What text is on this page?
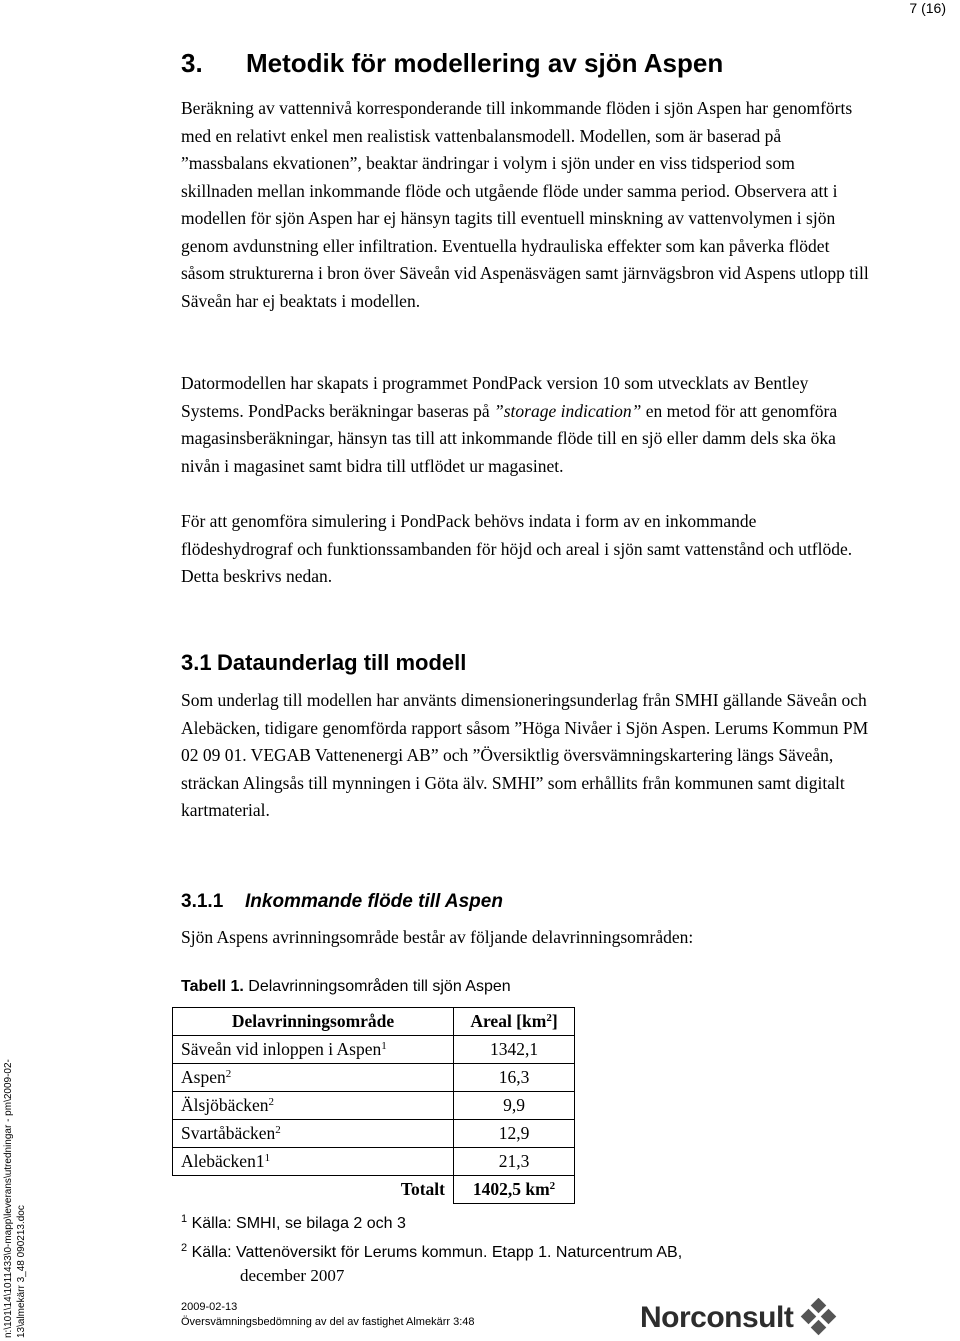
7 (16)
3. Metodik för modellering av sjön Aspen

Beräkning av vattennivå korresponderande till inkommande flöden i sjön Aspen har genomförts med en relativt enkel men realistisk vattenbalansmodell. Modellen, som är baserad på ”massbalans ekvationen”, beaktar ändringar i volym i sjön under en viss tidsperiod som skillnaden mellan inkommande flöde och utgående flöde under samma period. Observera att i modellen för sjön Aspen har ej hänsyn tagits till eventuell minskning av vattenvolymen i sjön genom avdunstning eller infiltration. Eventuella hydrauliska effekter som kan påverka flödet såsom strukturerna i bron över Säveån vid Aspenäsvägen samt järnvägsbron vid Aspens utlopp till Säveån har ej beaktats i modellen.

Datormodellen har skapats i programmet PondPack version 10 som utvecklats av Bentley Systems. PondPacks beräkningar baseras på ”storage indication” en metod för att genomföra magasinsberäkningar, hänsyn tas till att inkommande flöde till en sjö eller damm dels ska öka nivån i magasinet samt bidra till utflödet ur magasinet.

För att genomföra simulering i PondPack behövs indata i form av en inkommande flödeshydrograf och funktionssambanden för höjd och areal i sjön samt vattenstånd och utflöde. Detta beskrivs nedan.

3.1 Dataunderlag till modell

Som underlag till modellen har använts dimensioneringsunderlag från SMHI gällande Säveån och Alebäcken, tidigare genomförda rapport såsom ”Höga Nivåer i Sjön Aspen. Lerums Kommun PM 02 09 01. VEGAB Vattenenergi AB” och ”Översiktlig översvämningskartering längs Säveån, sträckan Alingsås till mynningen i Göta älv. SMHI” som erhållits från kommunen samt digitalt kartmaterial.

3.1.1 Inkommande flöde till Aspen

Sjön Aspens avrinningsområde består av följande delavrinningsområden:

Tabell 1. Delavrinningsområden till sjön Aspen
Delavrinningsområde	Areal $[km^2]$
Säveån vid inloppen i Aspen$^1$	1342,1
Aspen$^2$	16,3
Älsjöbäcken$^2$	9,9
Svartåbäcken$^2$	12,9
$Alebäcken1^1$	21,3
Totalt	1402,5 $km^2$
$^1$ Källa: SMHI, se bilaga 2 och 3
$^2$ Källa: Vattenöversikt för Lerums kommun. Etapp 1. Naturcentrum AB,
december 2007
2009-02-13
Översvämningsbedömning av del av fastighet Almekärr 3:48
n:\101\14\1011433\0-mapp\leverans\utredningar - pm\2009-02- 13\almekärr 3_48 090213.doc	Norconsult
